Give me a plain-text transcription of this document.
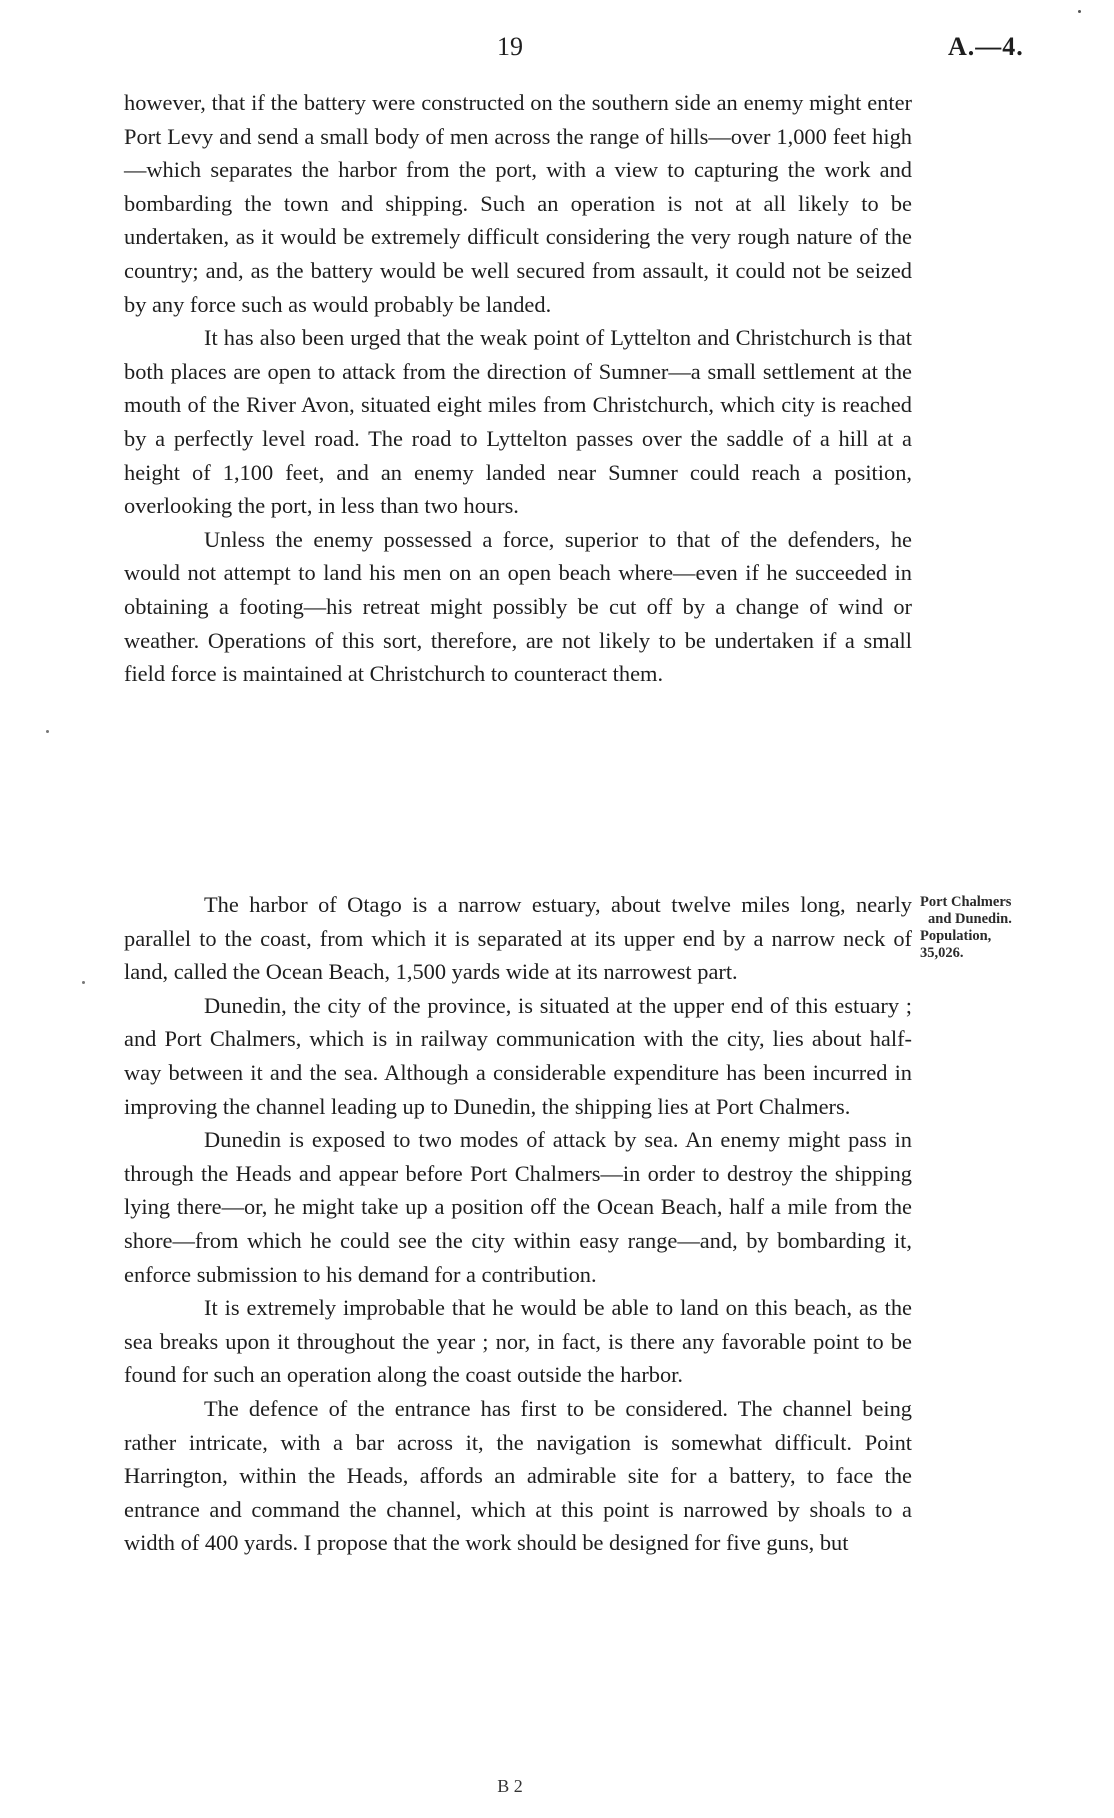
19	A.—4.

however, that if the battery were constructed on the southern side an enemy might enter Port Levy and send a small body of men across the range of hills—over 1,000 feet high—which separates the harbor from the port, with a view to capturing the work and bombarding the town and shipping. Such an operation is not at all likely to be undertaken, as it would be extremely difficult considering the very rough nature of the country; and, as the battery would be well secured from assault, it could not be seized by any force such as would probably be landed.

It has also been urged that the weak point of Lyttelton and Christchurch is that both places are open to attack from the direction of Sumner—a small settlement at the mouth of the River Avon, situated eight miles from Christchurch, which city is reached by a perfectly level road. The road to Lyttelton passes over the saddle of a hill at a height of 1,100 feet, and an enemy landed near Sumner could reach a position, overlooking the port, in less than two hours.

Unless the enemy possessed a force, superior to that of the defenders, he would not attempt to land his men on an open beach where—even if he succeeded in obtaining a footing—his retreat might possibly be cut off by a change of wind or weather. Operations of this sort, therefore, are not likely to be undertaken if a small field force is maintained at Christchurch to counteract them.

Port Chalmers
and Dunedin.
Population,
35,026.

The harbor of Otago is a narrow estuary, about twelve miles long, nearly parallel to the coast, from which it is separated at its upper end by a narrow neck of land, called the Ocean Beach, 1,500 yards wide at its narrowest part.

Dunedin, the city of the province, is situated at the upper end of this estuary ; and Port Chalmers, which is in railway communication with the city, lies about half-way between it and the sea. Although a considerable expenditure has been incurred in improving the channel leading up to Dunedin, the shipping lies at Port Chalmers.

Dunedin is exposed to two modes of attack by sea. An enemy might pass in through the Heads and appear before Port Chalmers—in order to destroy the shipping lying there—or, he might take up a position off the Ocean Beach, half a mile from the shore—from which he could see the city within easy range—and, by bombarding it, enforce submission to his demand for a contribution.

It is extremely improbable that he would be able to land on this beach, as the sea breaks upon it throughout the year ; nor, in fact, is there any favorable point to be found for such an operation along the coast outside the harbor.

The defence of the entrance has first to be considered. The channel being rather intricate, with a bar across it, the navigation is somewhat difficult. Point Harrington, within the Heads, affords an admirable site for a battery, to face the entrance and command the channel, which at this point is narrowed by shoals to a width of 400 yards. I propose that the work should be designed for five guns, but

B 2
